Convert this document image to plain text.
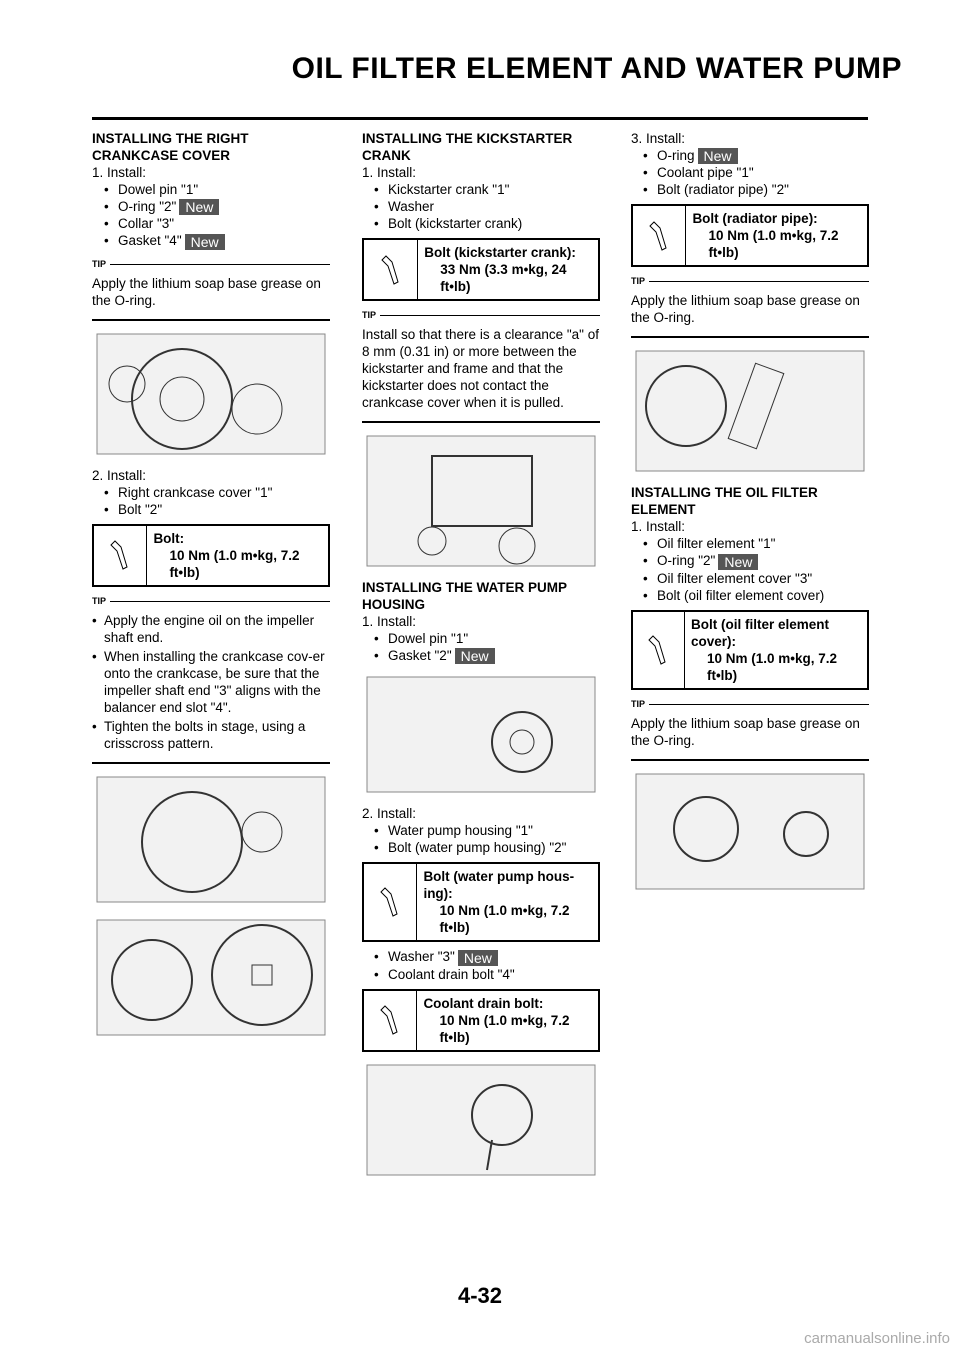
OIL FILTER ELEMENT AND WATER PUMP

INSTALLING THE RIGHT CRANKCASE COVER

1. Install:

• Dowel pin "1"

• O-ring "2" New

• Collar "3"

• Gasket "4" New

TIP

Apply the lithium soap base grease on the O-ring.

2. Install:

• Right crankcase cover "1"

• Bolt "2"

Bolt:
10 Nm (1.0 m•kg, 7.2 ft•lb)
TIP

• Apply the engine oil on the impeller shaft end.

• When installing the crankcase cov-er onto the crankcase, be sure that the impeller shaft end "3" aligns with the balancer end slot "4".

• Tighten the bolts in stage, using a crisscross pattern.

INSTALLING THE KICKSTARTER CRANK

1. Install:

• Kickstarter crank "1"

• Washer

• Bolt (kickstarter crank)

Bolt (kickstarter crank):
33 Nm (3.3 m•kg, 24 ft•lb)
TIP

Install so that there is a clearance "a" of 8 mm (0.31 in) or more between the kickstarter and frame and that the kickstarter does not contact the crankcase cover when it is pulled.

INSTALLING THE WATER PUMP HOUSING

1. Install:

• Dowel pin "1"

• Gasket "2" New

2. Install:

• Water pump housing "1"

• Bolt (water pump housing) "2"

Bolt (water pump hous-ing):
10 Nm (1.0 m•kg, 7.2 ft•lb)

• Washer "3" New

• Coolant drain bolt "4"

Coolant drain bolt:
10 Nm (1.0 m•kg, 7.2 ft•lb)

3. Install:

• O-ring New

• Coolant pipe "1"

• Bolt (radiator pipe) "2"

Bolt (radiator pipe):
10 Nm (1.0 m•kg, 7.2 ft•lb)
TIP

Apply the lithium soap base grease on the O-ring.

INSTALLING THE OIL FILTER ELEMENT

1. Install:

• Oil filter element "1"

• O-ring "2" New

• Oil filter element cover "3"

• Bolt (oil filter element cover)

Bolt (oil filter element cover):
10 Nm (1.0 m•kg, 7.2 ft•lb)
TIP

Apply the lithium soap base grease on the O-ring.

4-32
carmanualsonline.info
